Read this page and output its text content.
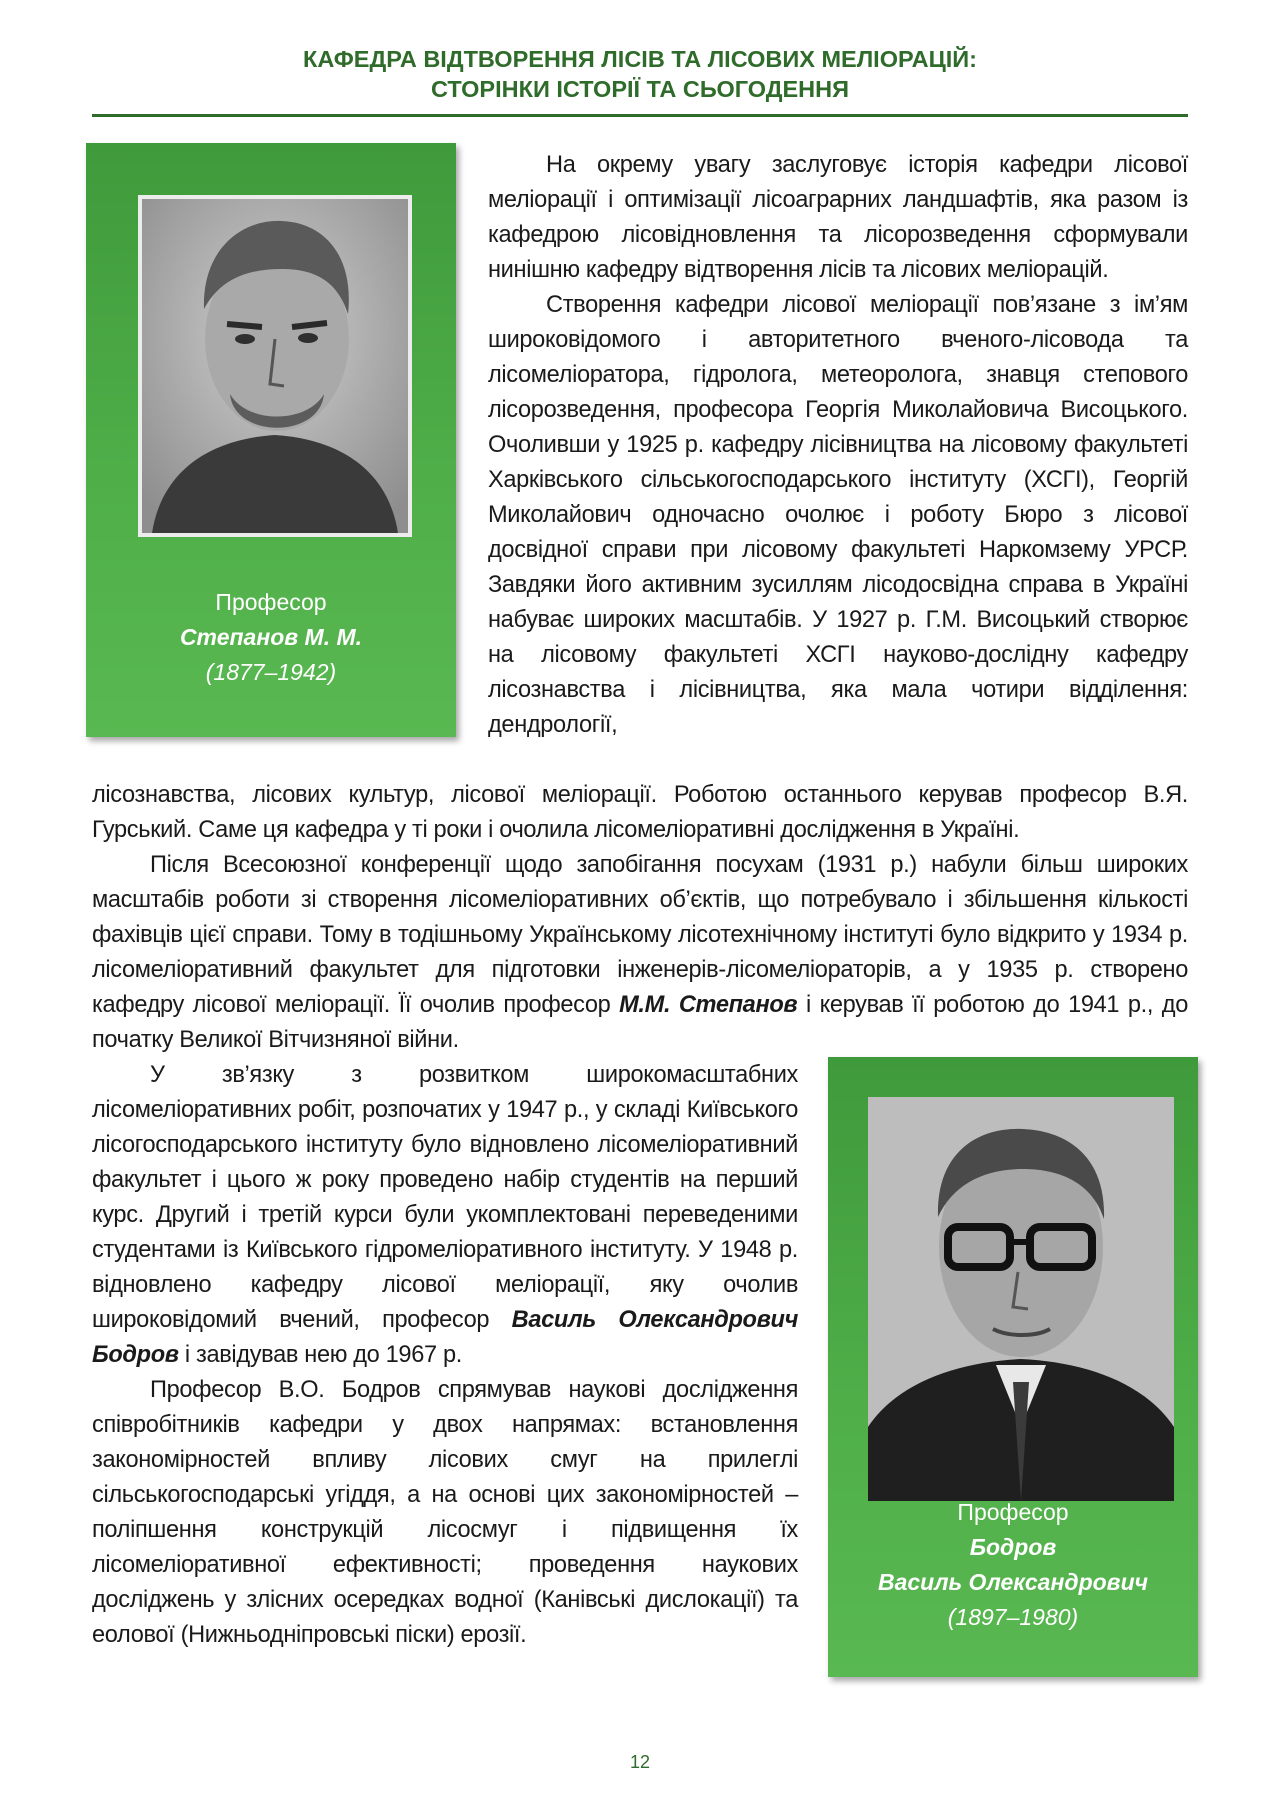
КАФЕДРА ВІДТВОРЕННЯ ЛІСІВ ТА ЛІСОВИХ МЕЛІОРАЦІЙ:
СТОРІНКИ ІСТОРІЇ ТА СЬОГОДЕННЯ
Професор
Степанов М. М.
(1877–1942)
Професор
Бодров
Василь Олександрович
(1897–1980)

На окрему увагу заслуговує історія кафедри лісової меліорації і оптимізації лісоаграрних ландшафтів, яка разом із кафедрою лісовідновлення та лісорозведення сформували нинішню кафедру відтворення лісів та лісових меліорацій.

Створення кафедри лісової меліорації пов’язане з ім’ям широковідомого і авторитетного вченого-лісовода та лісомеліоратора, гідролога, метеоролога, знавця степового лісорозведення, професора Георгія Миколайовича Висоцького. Очоливши у 1925 р. кафедру лісівництва на лісовому факультеті Харківського сільськогосподарського інституту (ХСГІ), Георгій Миколайович одночасно очолює і роботу Бюро з лісової досвідної справи при лісовому факультеті Наркомзему УРСР. Завдяки його активним зусиллям лісодосвідна справа в Україні набуває широких масштабів. У 1927 р. Г.М. Висоцький створює на лісовому факультеті ХСГІ науково-дослідну кафедру лісознавства і лісівництва, яка мала чотири відділення: дендрології,

лісознавства, лісових культур, лісової меліорації. Роботою останнього керував професор В.Я. Гурський. Саме ця кафедра у ті роки і очолила лісомеліоративні дослідження в Україні.

Після Всесоюзної конференції щодо запобігання посухам (1931 р.) набули більш широких масштабів роботи зі створення лісомеліоративних об’єктів, що потребувало і збільшення кількості фахівців цієї справи. Тому в тодішньому Українському лісотехнічному інституті було відкрито у 1934 р. лісомеліоративний факультет для підготовки інженерів-лісомеліораторів, а у 1935 р. створено кафедру лісової меліорації. Її очолив професор М.М. Степанов і керував її роботою до 1941 р., до початку Великої Вітчизняної війни.

У зв’язку з розвитком широкомасштабних лісомеліоративних робіт, розпочатих у 1947 р., у складі Київського лісогосподарського інституту було відновлено лісомеліоративний факультет і цього ж року проведено набір студентів на перший курс. Другий і третій курси були укомплектовані переведеними студентами із Київського гідромеліоративного інституту. У 1948 р. відновлено кафедру лісової меліорації, яку очолив широковідомий вчений, професор Василь Олександрович Бодров і завідував нею до 1967 р.

Професор В.О. Бодров спрямував наукові дослідження співробітників кафедри у двох напрямах: встановлення закономірностей впливу лісових смуг на прилеглі сільськогосподарські угіддя, а на основі цих закономірностей – поліпшення конструкцій лісосмуг і підвищення їх лісомеліоративної ефективності; проведення наукових досліджень у злісних осередках водної (Канівські дислокації) та еолової (Нижньодніпровські піски) ерозії.

12
